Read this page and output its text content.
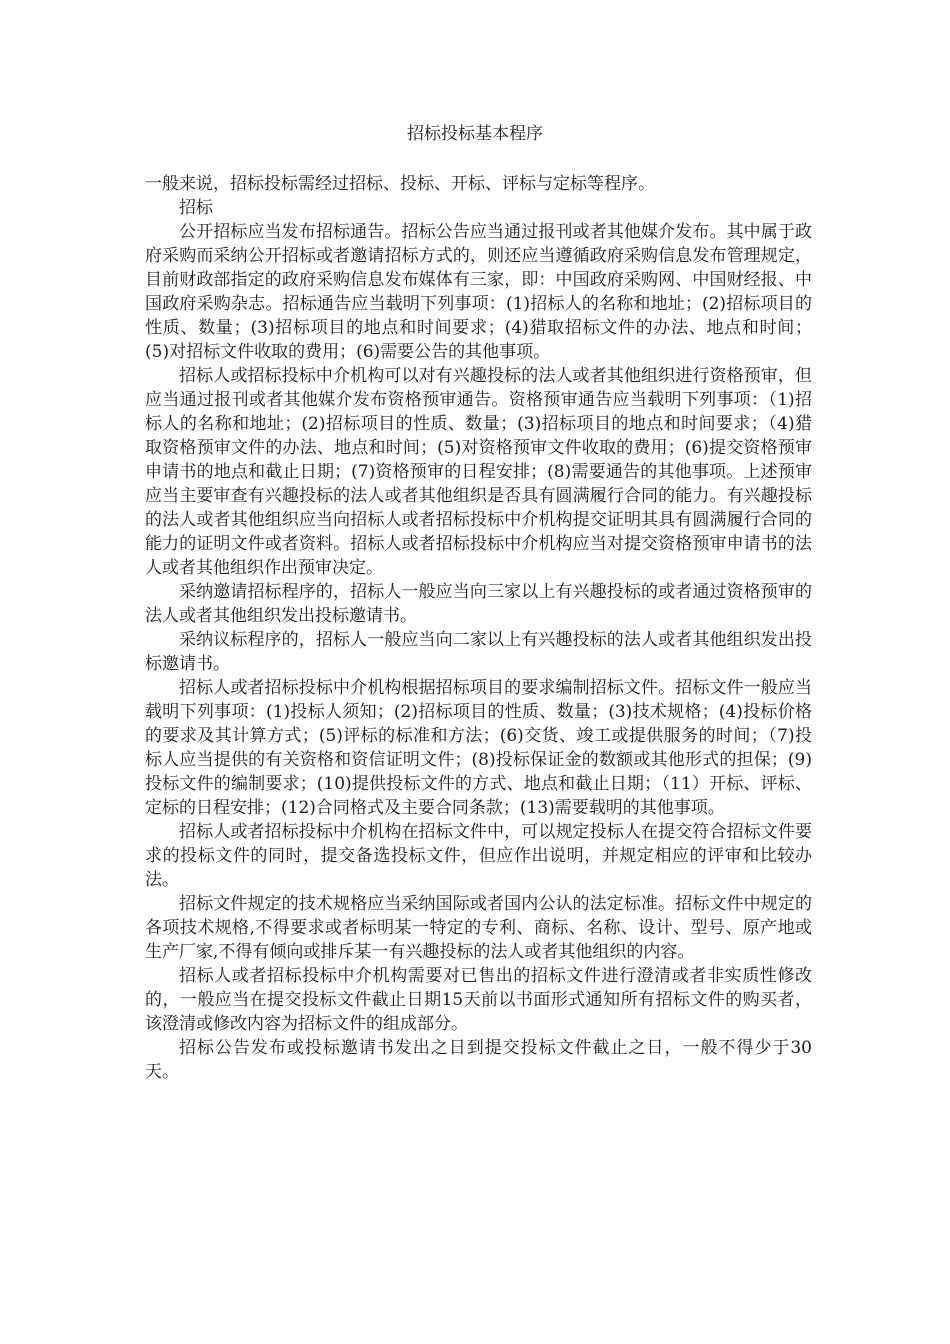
招标投标基本程序

一般来说，招标投标需经过招标、投标、开标、评标与定标等程序。

招标

公开招标应当发布招标通告。招标公告应当通过报刊或者其他媒介发布。其中属于政府采购而采纳公开招标或者邀请招标方式的，则还应当遵循政府采购信息发布管理规定，目前财政部指定的政府采购信息发布媒体有三家，即：中国政府采购网、中国财经报、中国政府采购杂志。招标通告应当载明下列事项：(1)招标人的名称和地址；(2)招标项目的性质、数量；(3)招标项目的地点和时间要求；(4)猎取招标文件的办法、地点和时间；(5)对招标文件收取的费用；(6)需要公告的其他事项。

招标人或招标投标中介机构可以对有兴趣投标的法人或者其他组织进行资格预审，但应当通过报刊或者其他媒介发布资格预审通告。资格预审通告应当载明下列事项：（1)招标人的名称和地址；(2)招标项目的性质、数量；(3)招标项目的地点和时间要求；（4)猎取资格预审文件的办法、地点和时间；(5)对资格预审文件收取的费用；(6)提交资格预审申请书的地点和截止日期；(7)资格预审的日程安排；(8)需要通告的其他事项。上述预审应当主要审查有兴趣投标的法人或者其他组织是否具有圆满履行合同的能力。有兴趣投标的法人或者其他组织应当向招标人或者招标投标中介机构提交证明其具有圆满履行合同的能力的证明文件或者资料。招标人或者招标投标中介机构应当对提交资格预审申请书的法人或者其他组织作出预审决定。

采纳邀请招标程序的，招标人一般应当向三家以上有兴趣投标的或者通过资格预审的法人或者其他组织发出投标邀请书。

采纳议标程序的，招标人一般应当向二家以上有兴趣投标的法人或者其他组织发出投标邀请书。

招标人或者招标投标中介机构根据招标项目的要求编制招标文件。招标文件一般应当载明下列事项：(1)投标人须知；(2)招标项目的性质、数量；(3)技术规格；(4)投标价格的要求及其计算方式；(5)评标的标准和方法；(6)交货、竣工或提供服务的时间；（7)投标人应当提供的有关资格和资信证明文件；(8)投标保证金的数额或其他形式的担保；(9)投标文件的编制要求；(10)提供投标文件的方式、地点和截止日期；（11）开标、评标、定标的日程安排；(12)合同格式及主要合同条款；(13)需要载明的其他事项。

招标人或者招标投标中介机构在招标文件中，可以规定投标人在提交符合招标文件要求的投标文件的同时，提交备选投标文件，但应作出说明，并规定相应的评审和比较办法。

招标文件规定的技术规格应当采纳国际或者国内公认的法定标准。招标文件中规定的各项技术规格,不得要求或者标明某一特定的专利、商标、名称、设计、型号、原产地或生产厂家,不得有倾向或排斥某一有兴趣投标的法人或者其他组织的内容。

招标人或者招标投标中介机构需要对已售出的招标文件进行澄清或者非实质性修改的，一般应当在提交投标文件截止日期15天前以书面形式通知所有招标文件的购买者，该澄清或修改内容为招标文件的组成部分。

招标公告发布或投标邀请书发出之日到提交投标文件截止之日，一般不得少于30天。
